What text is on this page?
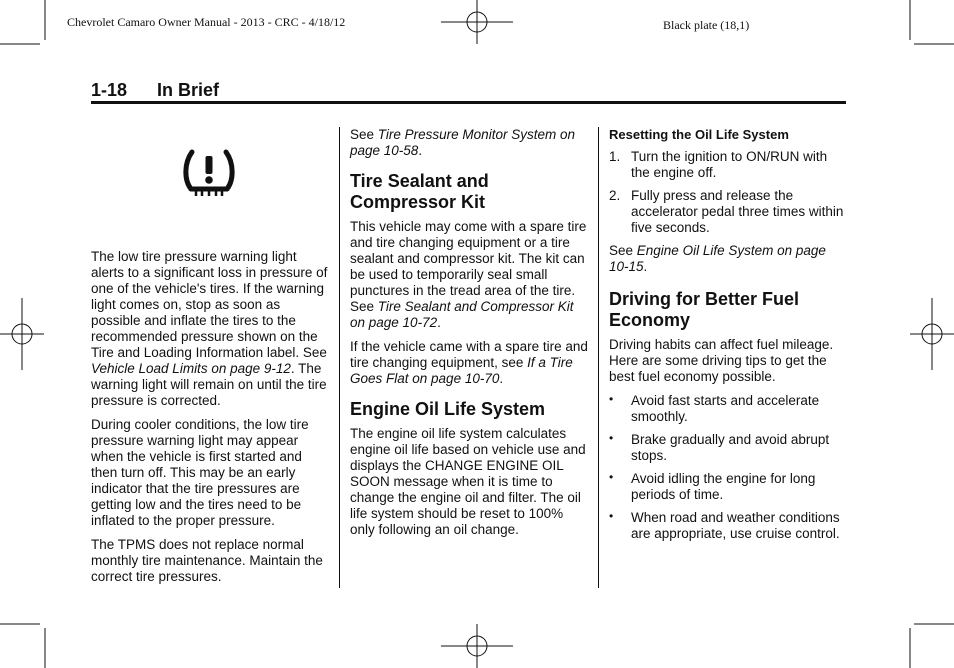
Chevrolet Camaro Owner Manual - 2013 - CRC - 4/18/12	Black plate (18,1)
1-18 In Brief

The low tire pressure warning light alerts to a significant loss in pressure of one of the vehicle's tires. If the warning light comes on, stop as soon as possible and inflate the tires to the recommended pressure shown on the Tire and Loading Information label. See Vehicle Load Limits on page 9-12. The warning light will remain on until the tire pressure is corrected.

During cooler conditions, the low tire pressure warning light may appear when the vehicle is first started and then turn off. This may be an early indicator that the tire pressures are getting low and the tires need to be inflated to the proper pressure.

The TPMS does not replace normal monthly tire maintenance. Maintain the correct tire pressures.

See Tire Pressure Monitor System on page 10-58.

Tire Sealant and Compressor Kit

This vehicle may come with a spare tire and tire changing equipment or a tire sealant and compressor kit. The kit can be used to temporarily seal small punctures in the tread area of the tire. See Tire Sealant and Compressor Kit on page 10-72.

If the vehicle came with a spare tire and tire changing equipment, see If a Tire Goes Flat on page 10-70.

Engine Oil Life System

The engine oil life system calculates engine oil life based on vehicle use and displays the CHANGE ENGINE OIL SOON message when it is time to change the engine oil and filter. The oil life system should be reset to 100% only following an oil change.

Resetting the Oil Life System
1. Turn the ignition to ON/RUN with the engine off.
2. Fully press and release the accelerator pedal three times within five seconds.

See Engine Oil Life System on page 10-15.

Driving for Better Fuel Economy

Driving habits can affect fuel mileage. Here are some driving tips to get the best fuel economy possible.

• Avoid fast starts and accelerate smoothly.
• Brake gradually and avoid abrupt stops.
• Avoid idling the engine for long periods of time.
• When road and weather conditions are appropriate, use cruise control.
